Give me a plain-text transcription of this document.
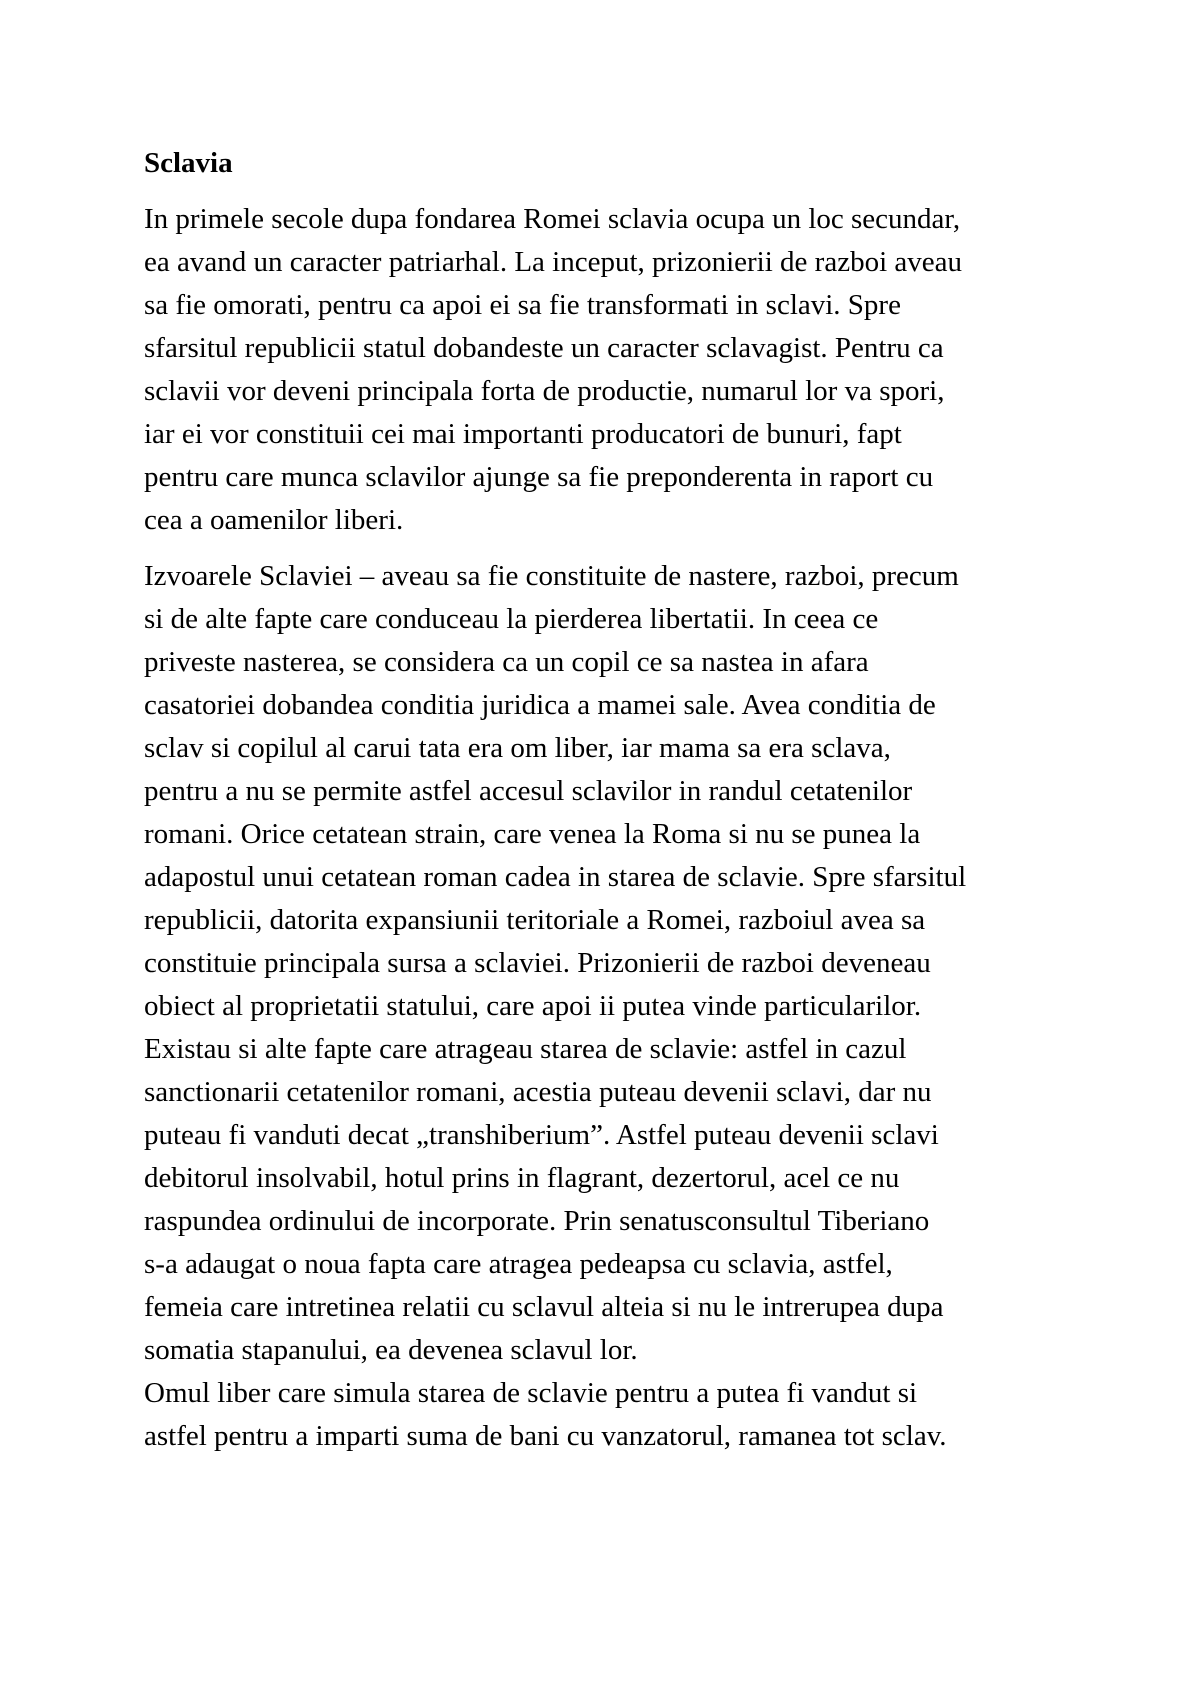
Sclavia
In primele secole dupa fondarea Romei sclavia ocupa un loc secundar,
ea avand un caracter patriarhal. La inceput, prizonierii de razboi aveau
sa fie omorati, pentru ca apoi ei sa fie transformati in sclavi. Spre
sfarsitul republicii statul dobandeste un caracter sclavagist. Pentru ca
sclavii vor deveni principala forta de productie, numarul lor va spori,
iar ei vor constituii cei mai importanti producatori de bunuri, fapt
pentru care munca sclavilor ajunge sa fie preponderenta in raport cu
cea a oamenilor liberi.
Izvoarele Sclaviei – aveau sa fie constituite de nastere, razboi, precum
si de alte fapte care conduceau la pierderea libertatii. In ceea ce
priveste nasterea, se considera ca un copil ce sa nastea in afara
casatoriei dobandea conditia juridica a mamei sale. Avea conditia de
sclav si copilul al carui tata era om liber, iar mama sa era sclava,
pentru a nu se permite astfel accesul sclavilor in randul cetatenilor
romani. Orice cetatean strain, care venea la Roma si nu se punea la
adapostul unui cetatean roman cadea in starea de sclavie. Spre sfarsitul
republicii, datorita expansiunii teritoriale a Romei, razboiul avea sa
constituie principala sursa a sclaviei. Prizonierii de razboi deveneau
obiect al proprietatii statului, care apoi ii putea vinde particularilor.
Existau si alte fapte care atrageau starea de sclavie: astfel in cazul
sanctionarii cetatenilor romani, acestia puteau devenii sclavi, dar nu
puteau fi vanduti decat „transhiberium”. Astfel puteau devenii sclavi
debitorul insolvabil, hotul prins in flagrant, dezertorul, acel ce nu
raspundea ordinului de incorporate. Prin senatusconsultul Tiberiano
s-a adaugat o noua fapta care atragea pedeapsa cu sclavia, astfel,
femeia care intretinea relatii cu sclavul alteia si nu le intrerupea dupa
somatia stapanului, ea devenea sclavul lor.
Omul liber care simula starea de sclavie pentru a putea fi vandut si
astfel pentru a imparti suma de bani cu vanzatorul, ramanea tot sclav.
